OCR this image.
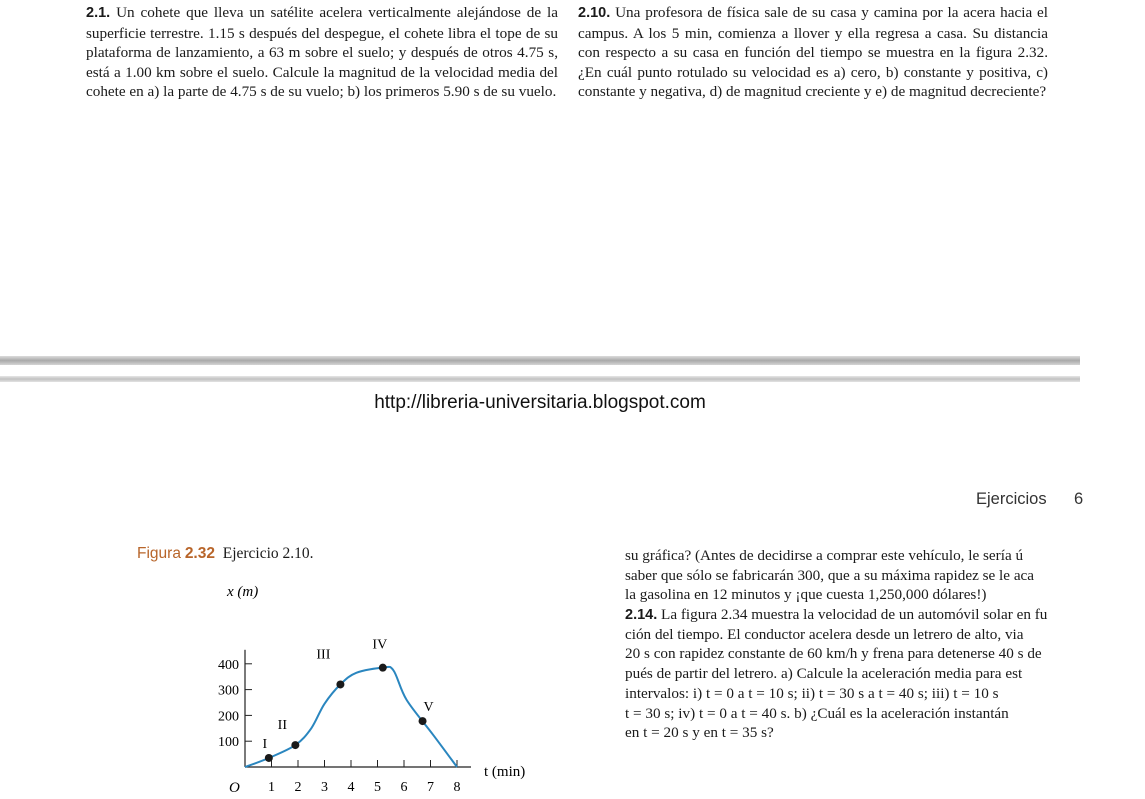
2.1. Un cohete que lleva un satélite acelera verticalmente alejándose de la superficie terrestre. 1.15 s después del despegue, el cohete libra el tope de su plataforma de lanzamiento, a 63 m sobre el suelo; y después de otros 4.75 s, está a 1.00 km sobre el suelo. Calcule la magnitud de la velocidad media del cohete en a) la parte de 4.75 s de su vuelo; b) los primeros 5.90 s de su vuelo.
2.10. Una profesora de física sale de su casa y camina por la acera hacia el campus. A los 5 min, comienza a llover y ella regresa a casa. Su distancia con respecto a su casa en función del tiempo se muestra en la figura 2.32. ¿En cuál punto rotulado su velocidad es a) cero, b) constante y positiva, c) constante y negativa, d) de magnitud creciente y e) de magnitud decreciente?
http://libreria-universitaria.blogspot.com
Ejercicios 6
Figura 2.32 Ejercicio 2.10.
1 2 3 4 5 6 7 8
100
200
300
400
I
II
III
IV
V
x (m)
t (min)
O
su gráfica? (Antes de decidirse a comprar este vehículo, le sería ú
saber que sólo se fabricarán 300, que a su máxima rapidez se le aca
la gasolina en 12 minutos y ¡que cuesta 1,250,000 dólares!)
2.14. La figura 2.34 muestra la velocidad de un automóvil solar en fu
ción del tiempo. El conductor acelera desde un letrero de alto, via
20 s con rapidez constante de 60 km/h y frena para detenerse 40 s de
pués de partir del letrero. a) Calcule la aceleración media para est
intervalos: i) t = 0 a t = 10 s; ii) t = 30 s a t = 40 s; iii) t = 10 s
t = 30 s; iv) t = 0 a t = 40 s. b) ¿Cuál es la aceleración instantán
en t = 20 s y en t = 35 s?
